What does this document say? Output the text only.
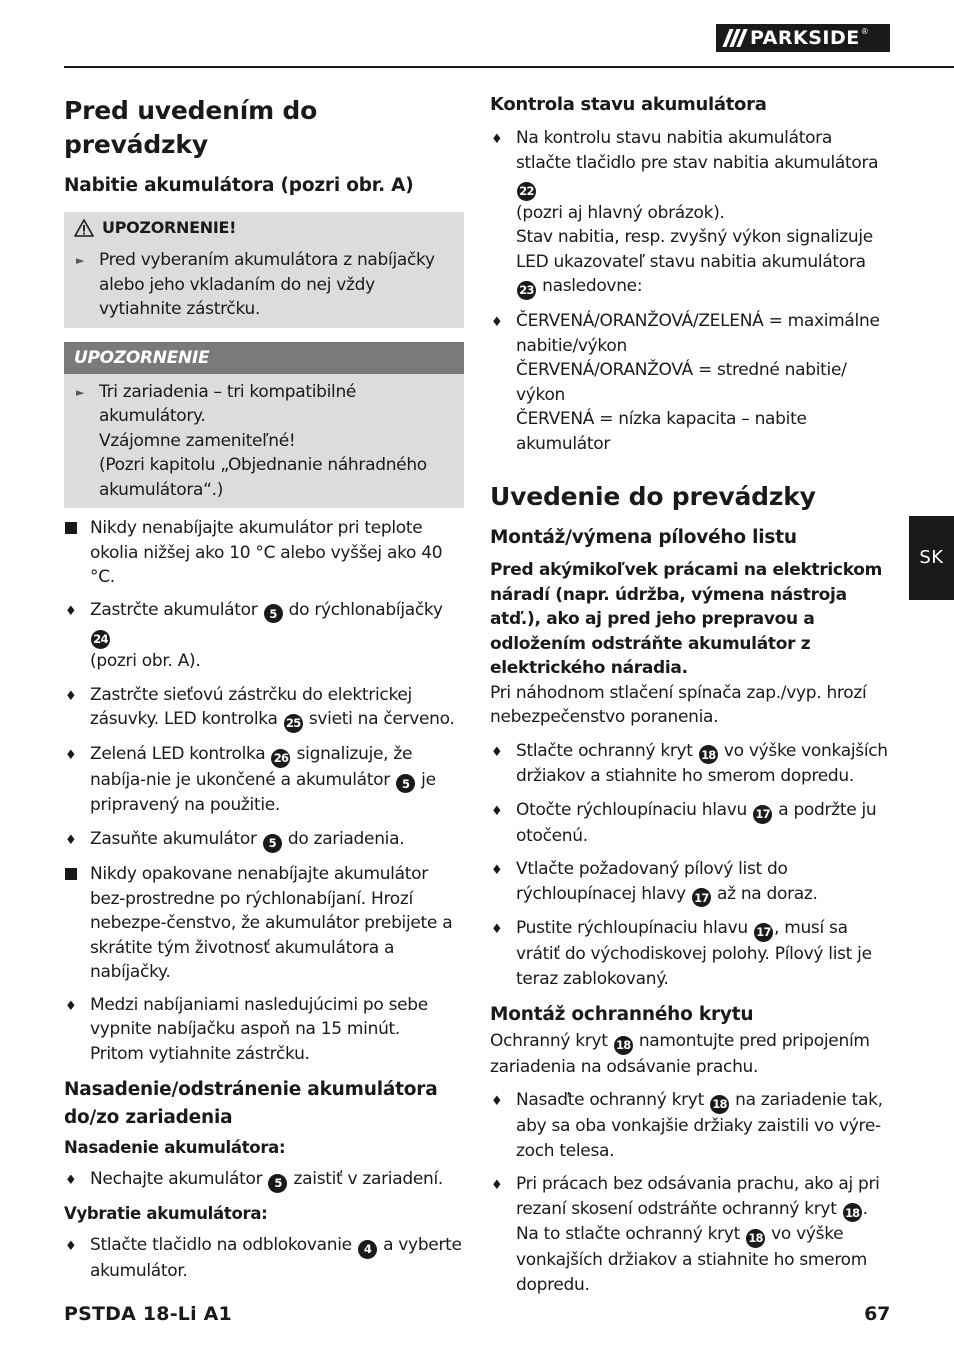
PARKSIDE ®
SK
Pred uvedením do prevádzky
Nabitie akumulátora (pozri obr. A)
UPOZORNENIE!
► Pred vyberaním akumulátora z nabíjačky alebo jeho vkladaním do nej vždy vytiahnite zástrčku.
UPOZORNENIE
► Tri zariadenia – tri kompatibilné akumulátory.
Vzájomne zameniteľné!
(Pozri kapitolu „Objednanie náhradného akumulátora“.)
Nikdy nenabíjajte akumulátor pri teplote okolia nižšej ako 10 °C alebo vyššej ako 40 °C.
♦ Zastrčte akumulátor 5 do rýchlonabíjačky 24
(pozri obr. A).
♦ Zastrčte sieťovú zástrčku do elektrickej zásuvky. LED kontrolka 25 svieti na červeno.
♦ Zelená LED kontrolka 26 signalizuje, že nabíja-nie je ukončené a akumulátor 5 je pripravený na použitie.
♦ Zasuňte akumulátor 5 do zariadenia.
Nikdy opakovane nenabíjajte akumulátor bez-prostredne po rýchlonabíjaní. Hrozí nebezpe-čenstvo, že akumulátor prebijete a skrátite tým životnosť akumulátora a nabíjačky.
♦ Medzi nabíjaniami nasledujúcimi po sebe vypnite nabíjačku aspoň na 15 minút.
Pritom vytiahnite zástrčku.
Nasadenie/odstránenie akumulátora do/zo zariadenia
Nasadenie akumulátora:
♦ Nechajte akumulátor 5 zaistiť v zariadení.
Vybratie akumulátora:
♦ Stlačte tlačidlo na odblokovanie 4 a vyberte akumulátor.
Kontrola stavu akumulátora
♦ Na kontrolu stavu nabitia akumulátora stlačte tlačidlo pre stav nabitia akumulátora 22
(pozri aj hlavný obrázok).
Stav nabitia, resp. zvyšný výkon signalizuje LED ukazovateľ stavu nabitia akumulátora 23 nasledovne:
♦ ČERVENÁ/ORANŽOVÁ/ZELENÁ = maximálne nabitie/výkon
ČERVENÁ/ORANŽOVÁ = stredné nabitie/ výkon
ČERVENÁ = nízka kapacita – nabite akumulátor
Uvedenie do prevádzky
Montáž/výmena pílového listu
Pred akýmikoľvek prácami na elektrickom náradí (napr. údržba, výmena nástroja atď.), ako aj pred jeho prepravou a odložením odstráňte akumulátor z elektrického náradia.
Pri náhodnom stlačení spínača zap./vyp. hrozí nebezpečenstvo poranenia.
♦ Stlačte ochranný kryt 18 vo výške vonkajších držiakov a stiahnite ho smerom dopredu.
♦ Otočte rýchloupínaciu hlavu 17 a podržte ju otočenú.
♦ Vtlačte požadovaný pílový list do rýchloupínacej hlavy 17 až na doraz.
♦ Pustite rýchloupínaciu hlavu 17 , musí sa vrátiť do východiskovej polohy. Pílový list je teraz zablokovaný.
Montáž ochranného krytu
Ochranný kryt 18 namontujte pred pripojením zariadenia na odsávanie prachu.
♦ Nasaďte ochranný kryt 18 na zariadenie tak, aby sa oba vonkajšie držiaky zaistili vo výre-zoch telesa.
♦ Pri prácach bez odsávania prachu, ako aj pri rezaní skosení odstráňte ochranný kryt 18 . Na to stlačte ochranný kryt 18 vo výške vonkajších držiakov a stiahnite ho smerom dopredu.
PSTDA 18-Li A1	67
